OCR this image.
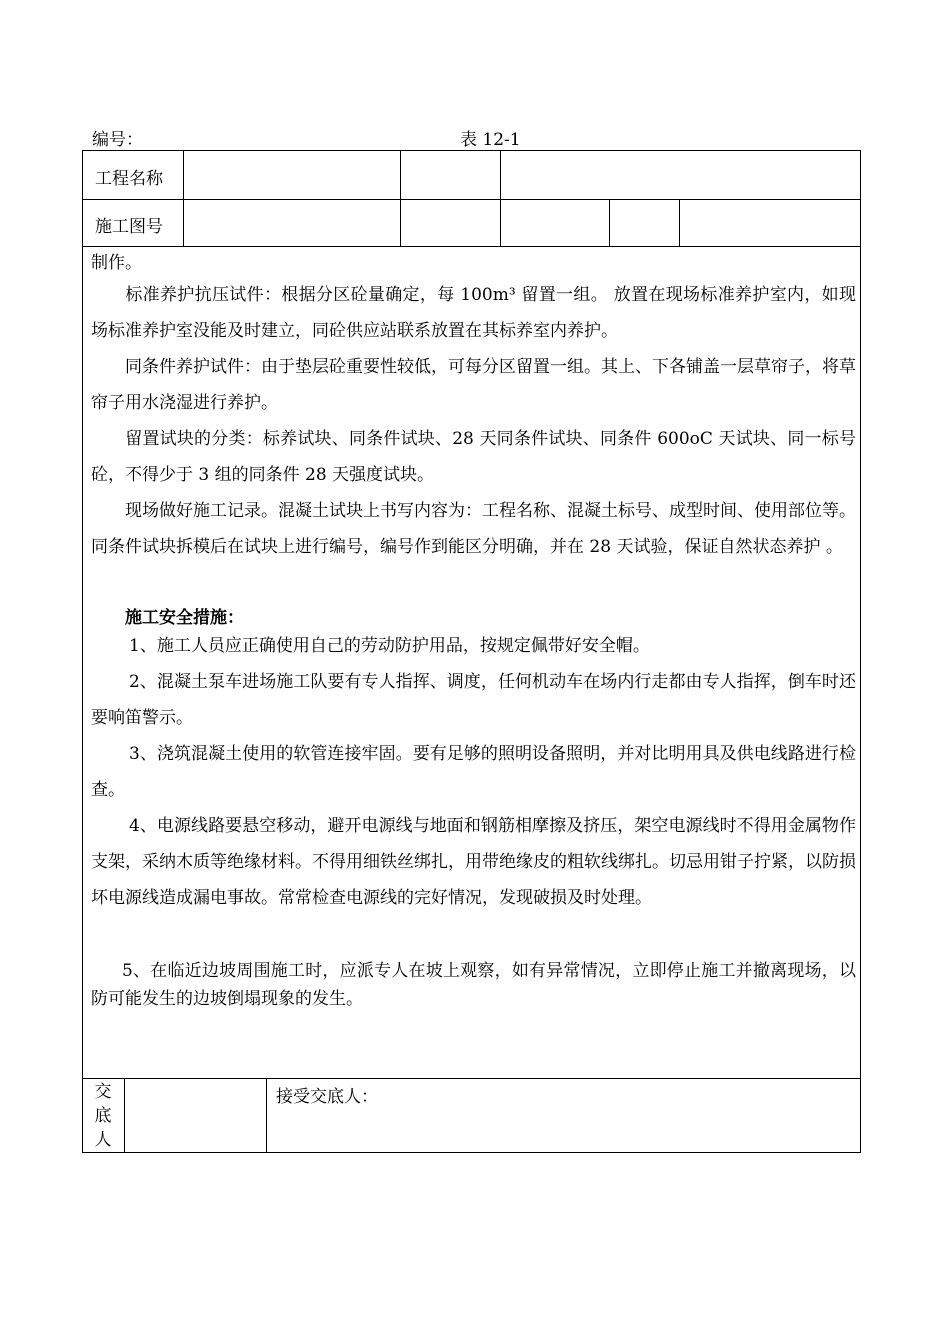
编号：	表 12-1
工程名称
施工图号
制作。
标准养护抗压试件：根据分区砼量确定，每 100m³ 留置一组。 放置在现场标准养护室内，如现场标准养护室没能及时建立，同砼供应站联系放置在其标养室内养护。
同条件养护试件：由于垫层砼重要性较低，可每分区留置一组。其上、下各铺盖一层草帘子，将草帘子用水浇湿进行养护。
留置试块的分类：标养试块、同条件试块、28 天同条件试块、同条件 600oC 天试块、同一标号砼，不得少于 3 组的同条件 28 天强度试块。
现场做好施工记录。混凝土试块上书写内容为：工程名称、混凝土标号、成型时间、使用部位等。同条件试块拆模后在试块上进行编号，编号作到能区分明确，并在 28 天试验，保证自然状态养护 。
施工安全措施：
1、施工人员应正确使用自己的劳动防护用品，按规定佩带好安全帽。
2、混凝土泵车进场施工队要有专人指挥、调度，任何机动车在场内行走都由专人指挥，倒车时还要响笛警示。
3、浇筑混凝土使用的软管连接牢固。要有足够的照明设备照明，并对比明用具及供电线路进行检查。
4、电源线路要悬空移动，避开电源线与地面和钢筋相摩擦及挤压，架空电源线时不得用金属物作支架，采纳木质等绝缘材料。不得用细铁丝绑扎，用带绝缘皮的粗软线绑扎。切忌用钳子拧紧，以防损坏电源线造成漏电事故。常常检查电源线的完好情况，发现破损及时处理。
5、在临近边坡周围施工时，应派专人在坡上观察，如有异常情况，立即停止施工并撤离现场，以防可能发生的边坡倒塌现象的发生。
交
底
人
接受交底人：
